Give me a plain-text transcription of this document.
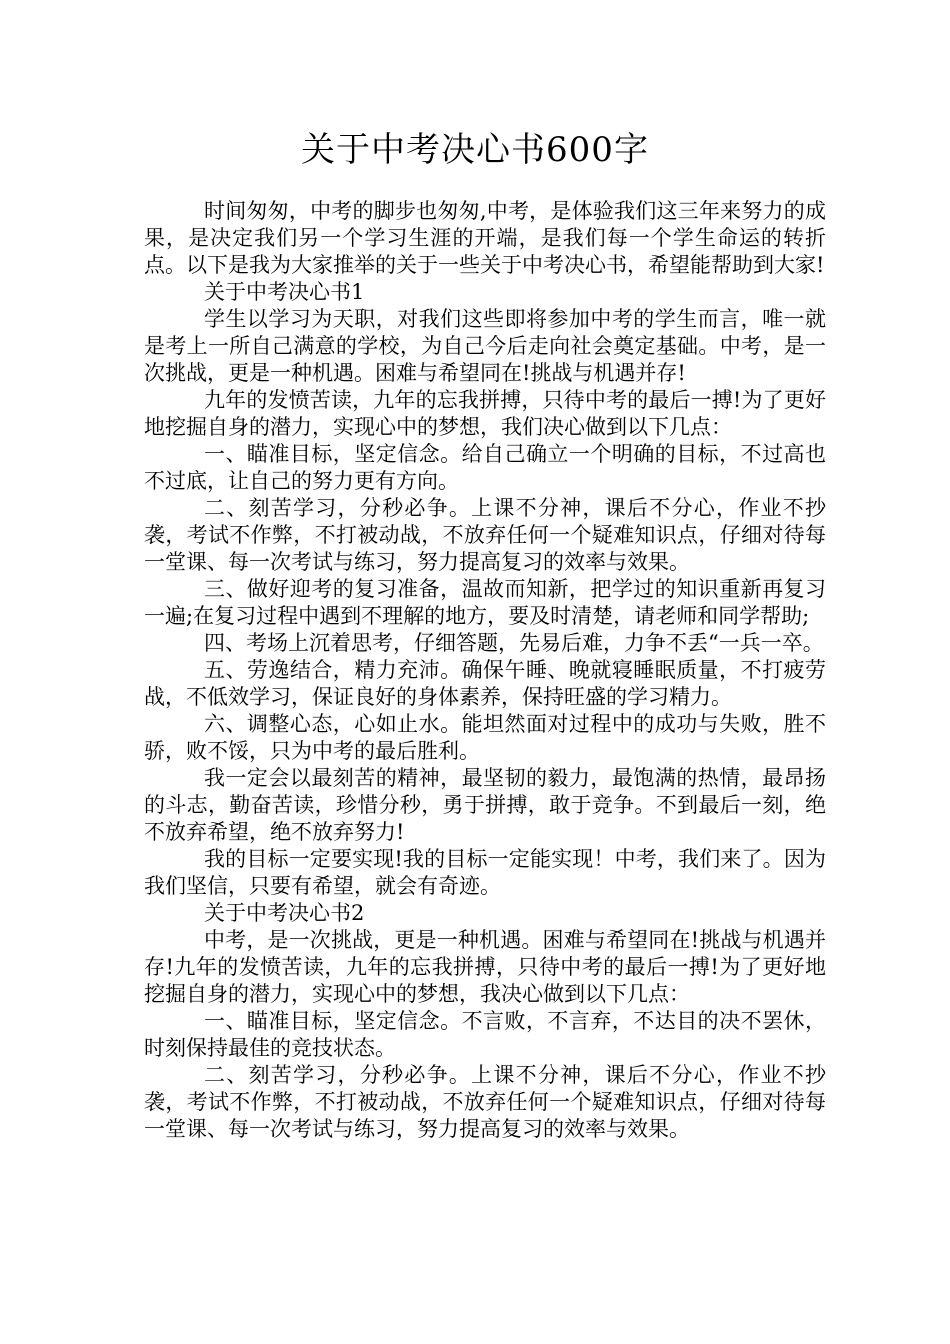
关于中考决心书600字

时间匆匆，中考的脚步也匆匆,中考，是体验我们这三年来努力的成果，是决定我们另一个学习生涯的开端，是我们每一个学生命运的转折点。以下是我为大家推举的关于一些关于中考决心书，希望能帮助到大家!

关于中考决心书1

学生以学习为天职，对我们这些即将参加中考的学生而言，唯一就是考上一所自己满意的学校，为自己今后走向社会奠定基础。中考，是一次挑战，更是一种机遇。困难与希望同在!挑战与机遇并存!

九年的发愤苦读，九年的忘我拼搏，只待中考的最后一搏!为了更好地挖掘自身的潜力，实现心中的梦想，我们决心做到以下几点：

一、瞄准目标，坚定信念。给自己确立一个明确的目标，不过高也不过底，让自己的努力更有方向。

二、刻苦学习，分秒必争。上课不分神，课后不分心，作业不抄袭，考试不作弊，不打被动战，不放弃任何一个疑难知识点，仔细对待每一堂课、每一次考试与练习，努力提高复习的效率与效果。

三、做好迎考的复习准备，温故而知新，把学过的知识重新再复习一遍;在复习过程中遇到不理解的地方，要及时清楚，请老师和同学帮助;

四、考场上沉着思考，仔细答题，先易后难，力争不丢“一兵一卒。

五、劳逸结合，精力充沛。确保午睡、晚就寝睡眠质量，不打疲劳战，不低效学习，保证良好的身体素养，保持旺盛的学习精力。

六、调整心态，心如止水。能坦然面对过程中的成功与失败，胜不骄，败不馁，只为中考的最后胜利。

我一定会以最刻苦的精神，最坚韧的毅力，最饱满的热情，最昂扬的斗志，勤奋苦读，珍惜分秒，勇于拼搏，敢于竞争。不到最后一刻，绝不放弃希望，绝不放弃努力!

我的目标一定要实现!我的目标一定能实现！中考，我们来了。因为我们坚信，只要有希望，就会有奇迹。

关于中考决心书2

中考，是一次挑战，更是一种机遇。困难与希望同在!挑战与机遇并存!九年的发愤苦读，九年的忘我拼搏，只待中考的最后一搏!为了更好地挖掘自身的潜力，实现心中的梦想，我决心做到以下几点：

一、瞄准目标，坚定信念。不言败，不言弃，不达目的决不罢休，时刻保持最佳的竞技状态。

二、刻苦学习，分秒必争。上课不分神，课后不分心，作业不抄袭，考试不作弊，不打被动战，不放弃任何一个疑难知识点，仔细对待每一堂课、每一次考试与练习，努力提高复习的效率与效果。
